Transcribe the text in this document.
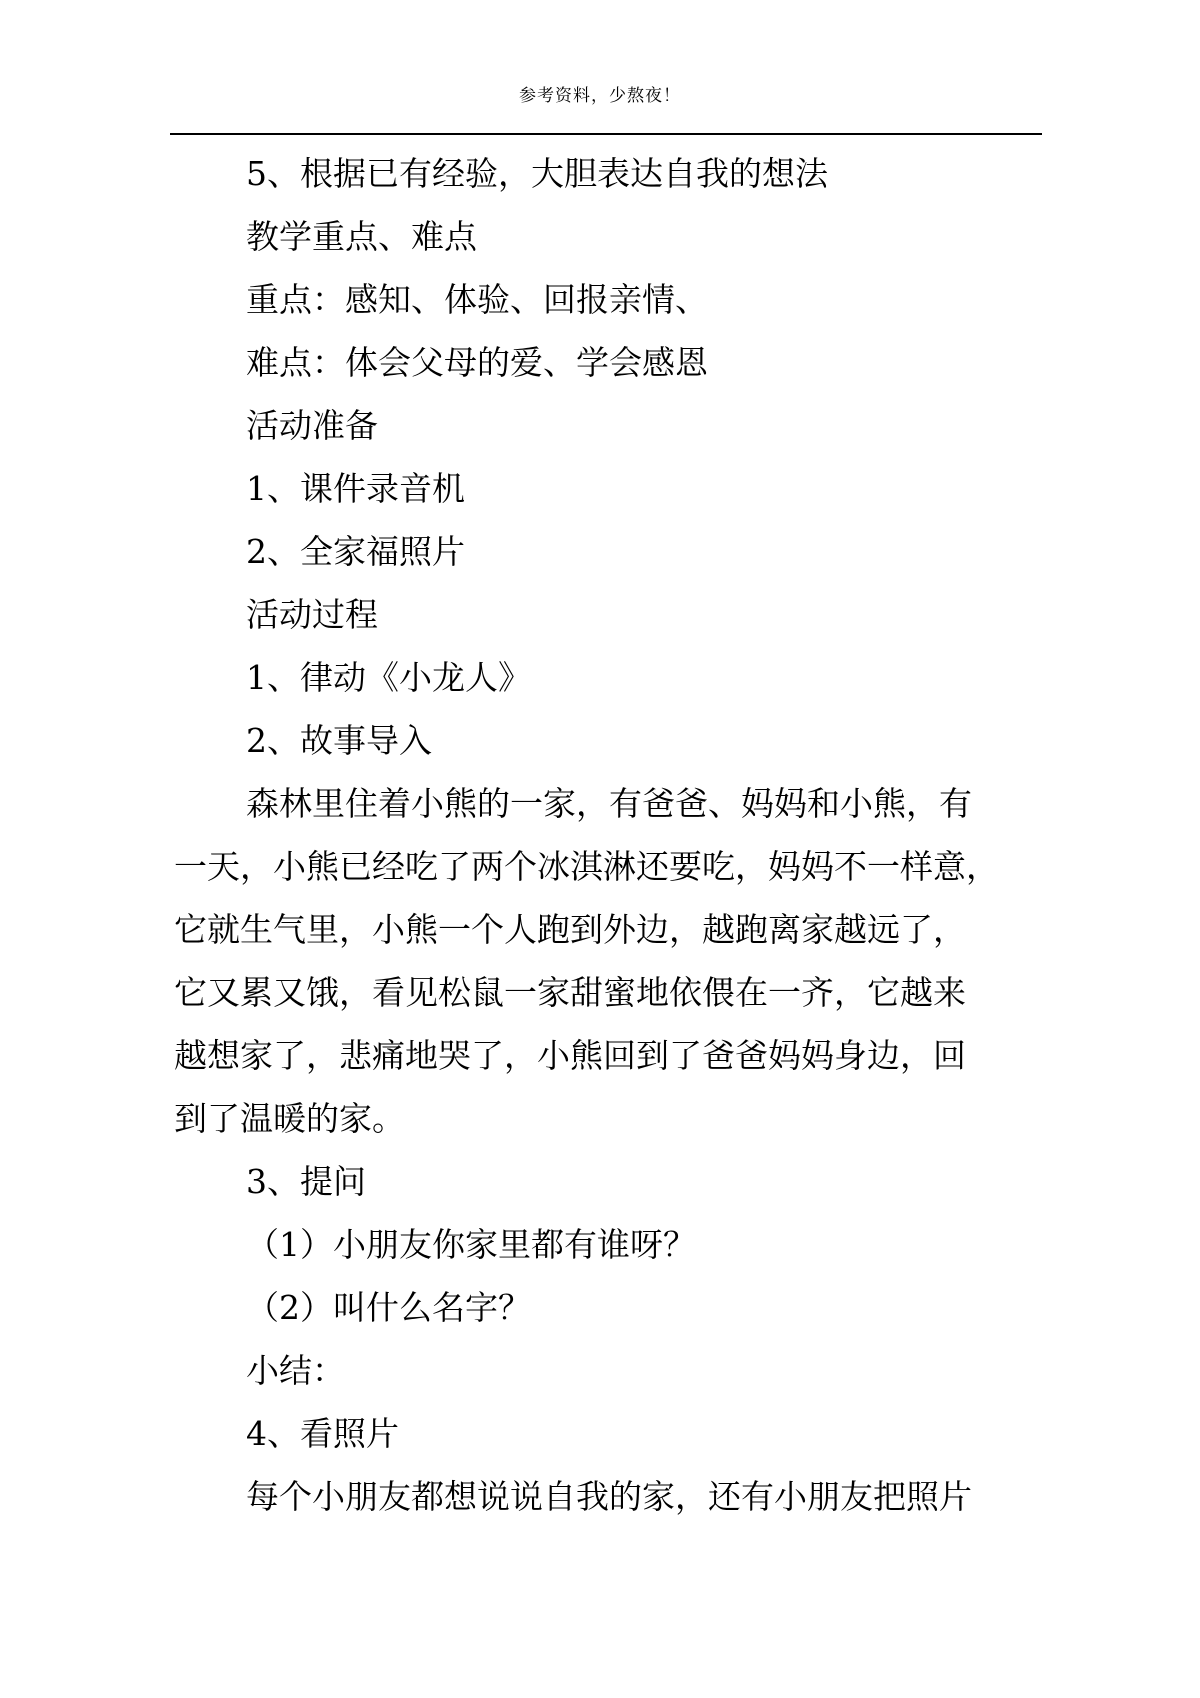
参考资料，少熬夜！
5、根据已有经验，大胆表达自我的想法
教学重点、难点
重点：感知、体验、回报亲情、
难点：体会父母的爱、学会感恩
活动准备
1、课件录音机
2、全家福照片
活动过程
1、律动《小龙人》
2、故事导入
森林里住着小熊的一家，有爸爸、妈妈和小熊，有
一天，小熊已经吃了两个冰淇淋还要吃，妈妈不一样意，
它就生气里，小熊一个人跑到外边，越跑离家越远了，
它又累又饿，看见松鼠一家甜蜜地依偎在一齐，它越来
越想家了，悲痛地哭了，小熊回到了爸爸妈妈身边，回
到了温暖的家。
3、提问
（1）小朋友你家里都有谁呀？
（2）叫什么名字？
小结：
4、看照片
每个小朋友都想说说自我的家，还有小朋友把照片
